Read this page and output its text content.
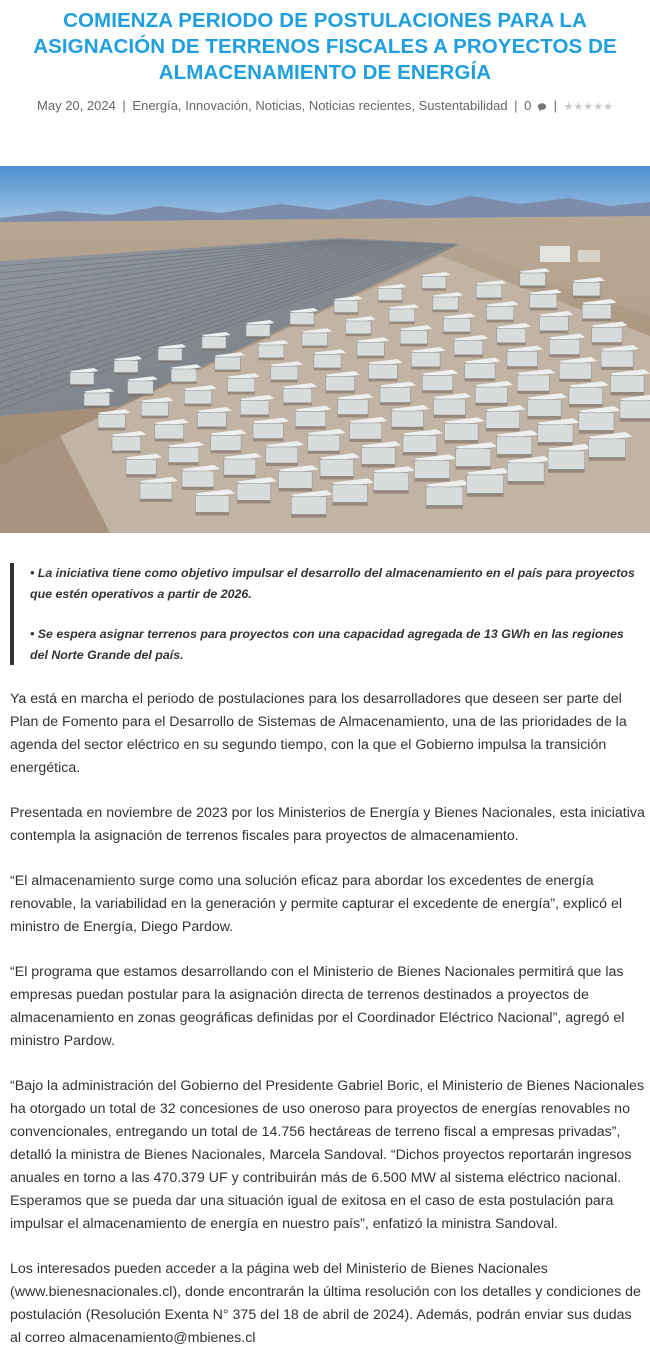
COMIENZA PERIODO DE POSTULACIONES PARA LA ASIGNACIÓN DE TERRENOS FISCALES A PROYECTOS DE ALMACENAMIENTO DE ENERGÍA
May 20, 2024 | Energía, Innovación, Noticias, Noticias recientes, Sustentabilidad | 0  | ★★★★★

• La iniciativa tiene como objetivo impulsar el desarrollo del almacenamiento en el país para proyectos que estén operativos a partir de 2026.

• Se espera asignar terrenos para proyectos con una capacidad agregada de 13 GWh en las regiones del Norte Grande del país.

Ya está en marcha el periodo de postulaciones para los desarrolladores que deseen ser parte del Plan de Fomento para el Desarrollo de Sistemas de Almacenamiento, una de las prioridades de la agenda del sector eléctrico en su segundo tiempo, con la que el Gobierno impulsa la transición energética.

Presentada en noviembre de 2023 por los Ministerios de Energía y Bienes Nacionales, esta iniciativa contempla la asignación de terrenos fiscales para proyectos de almacenamiento.

“El almacenamiento surge como una solución eficaz para abordar los excedentes de energía renovable, la variabilidad en la generación y permite capturar el excedente de energía”, explicó el ministro de Energía, Diego Pardow.

“El programa que estamos desarrollando con el Ministerio de Bienes Nacionales permitirá que las empresas puedan postular para la asignación directa de terrenos destinados a proyectos de almacenamiento en zonas geográficas definidas por el Coordinador Eléctrico Nacional”, agregó el ministro Pardow.

“Bajo la administración del Gobierno del Presidente Gabriel Boric, el Ministerio de Bienes Nacionales ha otorgado un total de 32 concesiones de uso oneroso para proyectos de energías renovables no convencionales, entregando un total de 14.756 hectáreas de terreno fiscal a empresas privadas”, detalló la ministra de Bienes Nacionales, Marcela Sandoval. “Dichos proyectos reportarán ingresos anuales en torno a las 470.379 UF y contribuirán más de 6.500 MW al sistema eléctrico nacional. Esperamos que se pueda dar una situación igual de exitosa en el caso de esta postulación para impulsar el almacenamiento de energía en nuestro país”, enfatizó la ministra Sandoval.

Los interesados pueden acceder a la página web del Ministerio de Bienes Nacionales (www.bienesnacionales.cl), donde encontrarán la última resolución con los detalles y condiciones de postulación (Resolución Exenta N° 375 del 18 de abril de 2024). Además, podrán enviar sus dudas al correo almacenamiento@mbienes.cl
